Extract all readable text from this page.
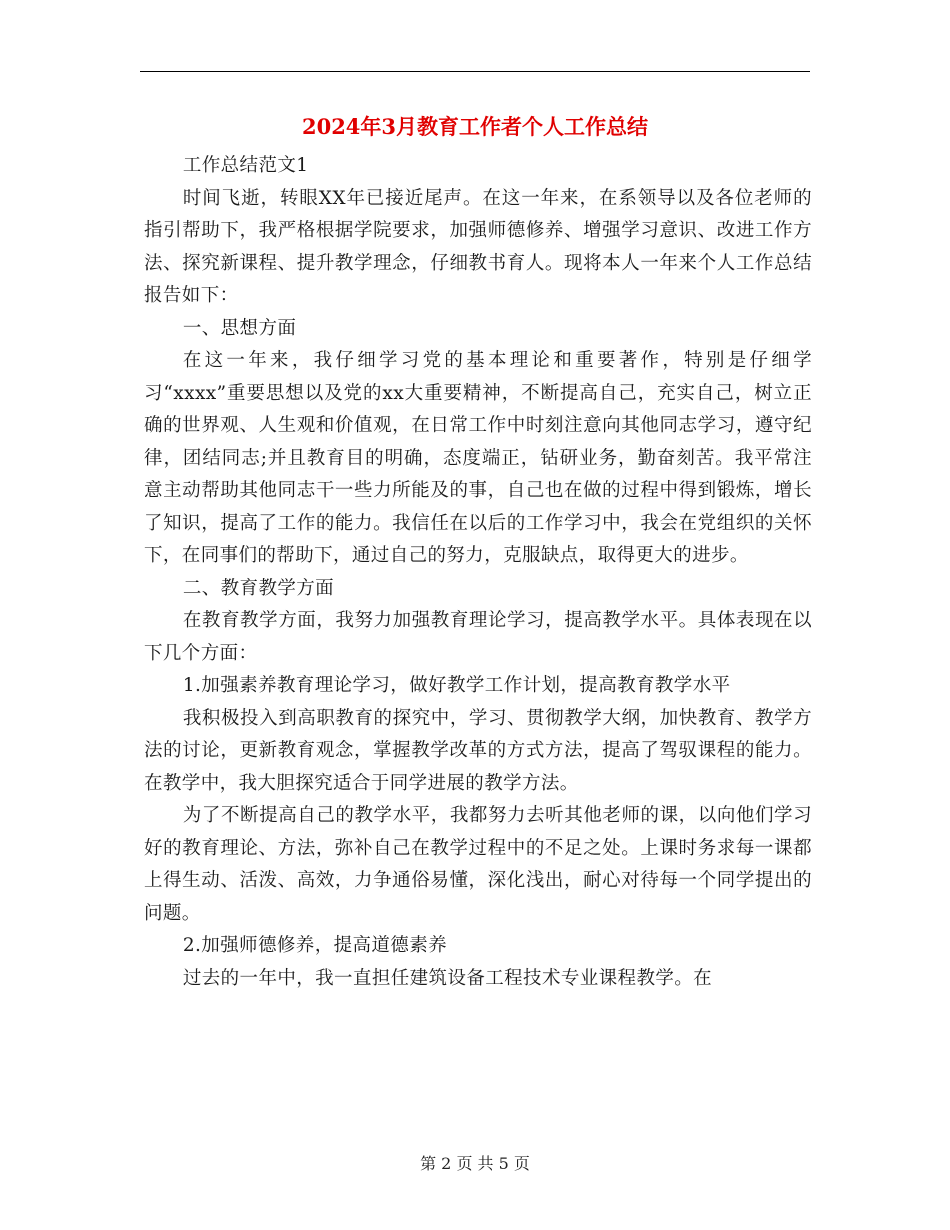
2024年3月教育工作者个人工作总结

工作总结范文1

时间飞逝，转眼XX年已接近尾声。在这一年来，在系领导以及各位老师的指引帮助下，我严格根据学院要求，加强师德修养、增强学习意识、改进工作方法、探究新课程、提升教学理念，仔细教书育人。现将本人一年来个人工作总结报告如下：

一、思想方面

在这一年来，我仔细学习党的基本理论和重要著作，特别是仔细学习“xxxx”重要思想以及党的xx大重要精神，不断提高自己，充实自己，树立正确的世界观、人生观和价值观，在日常工作中时刻注意向其他同志学习，遵守纪律，团结同志;并且教育目的明确，态度端正，钻研业务，勤奋刻苦。我平常注意主动帮助其他同志干一些力所能及的事，自己也在做的过程中得到锻炼，增长了知识，提高了工作的能力。我信任在以后的工作学习中，我会在党组织的关怀下，在同事们的帮助下，通过自己的努力，克服缺点，取得更大的进步。

二、教育教学方面

在教育教学方面，我努力加强教育理论学习，提高教学水平。具体表现在以下几个方面：

1.加强素养教育理论学习，做好教学工作计划，提高教育教学水平

我积极投入到高职教育的探究中，学习、贯彻教学大纲，加快教育、教学方法的讨论，更新教育观念，掌握教学改革的方式方法，提高了驾驭课程的能力。在教学中，我大胆探究适合于同学进展的教学方法。

为了不断提高自己的教学水平，我都努力去听其他老师的课，以向他们学习好的教育理论、方法，弥补自己在教学过程中的不足之处。上课时务求每一课都上得生动、活泼、高效，力争通俗易懂，深化浅出，耐心对待每一个同学提出的问题。

2.加强师德修养，提高道德素养

过去的一年中，我一直担任建筑设备工程技术专业课程教学。在

第 2 页 共 5 页
